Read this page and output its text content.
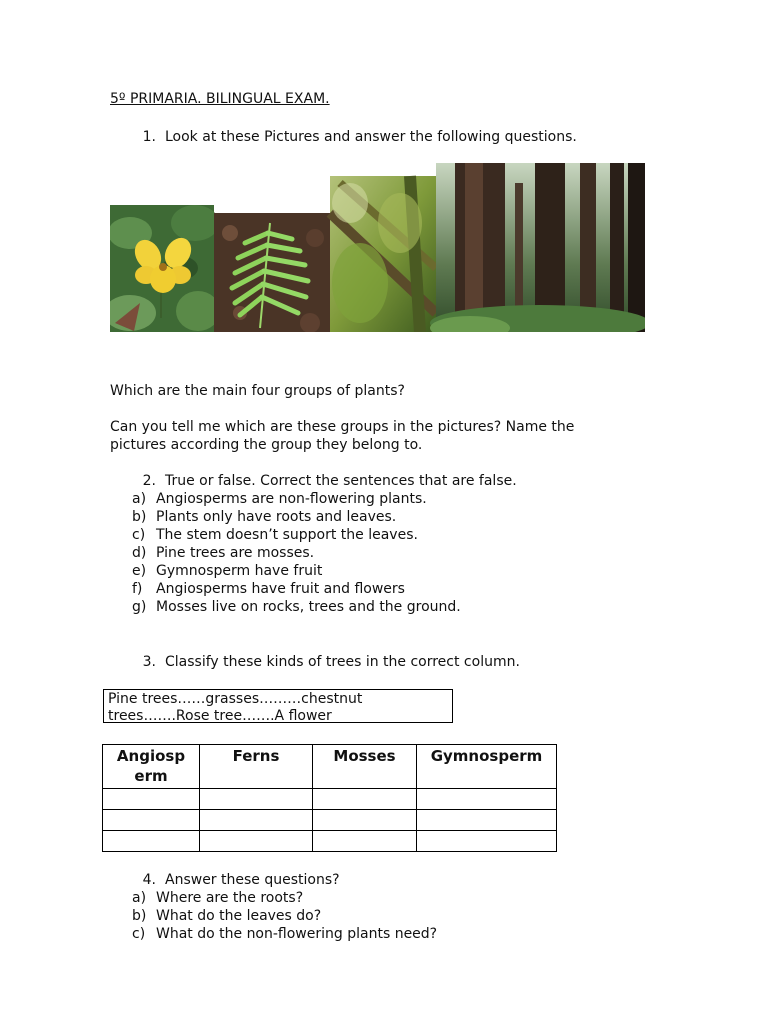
5º PRIMARIA. BILINGUAL EXAM.
1. Look at these Pictures and answer the following questions.
Which are the main four groups of plants?
Can you tell me which are these groups in the pictures? Name the
pictures according the group they belong to.
2. True or false. Correct the sentences that are false.
a) Angiosperms are non-flowering plants.
b) Plants only have roots and leaves.
c) The stem doesn’t support the leaves.
d) Pine trees are mosses.
e) Gymnosperm have fruit
f) Angiosperms have fruit and flowers
g) Mosses live on rocks, trees and the ground.
3. Classify these kinds of trees in the correct column.
Pine trees……grasses………chestnut
trees…….Rose tree…….A flower
Angiosp
erm	Ferns	Mosses	Gymnosperm

4. Answer these questions?
a) Where are the roots?
b) What do the leaves do?
c) What do the non-flowering plants need?
